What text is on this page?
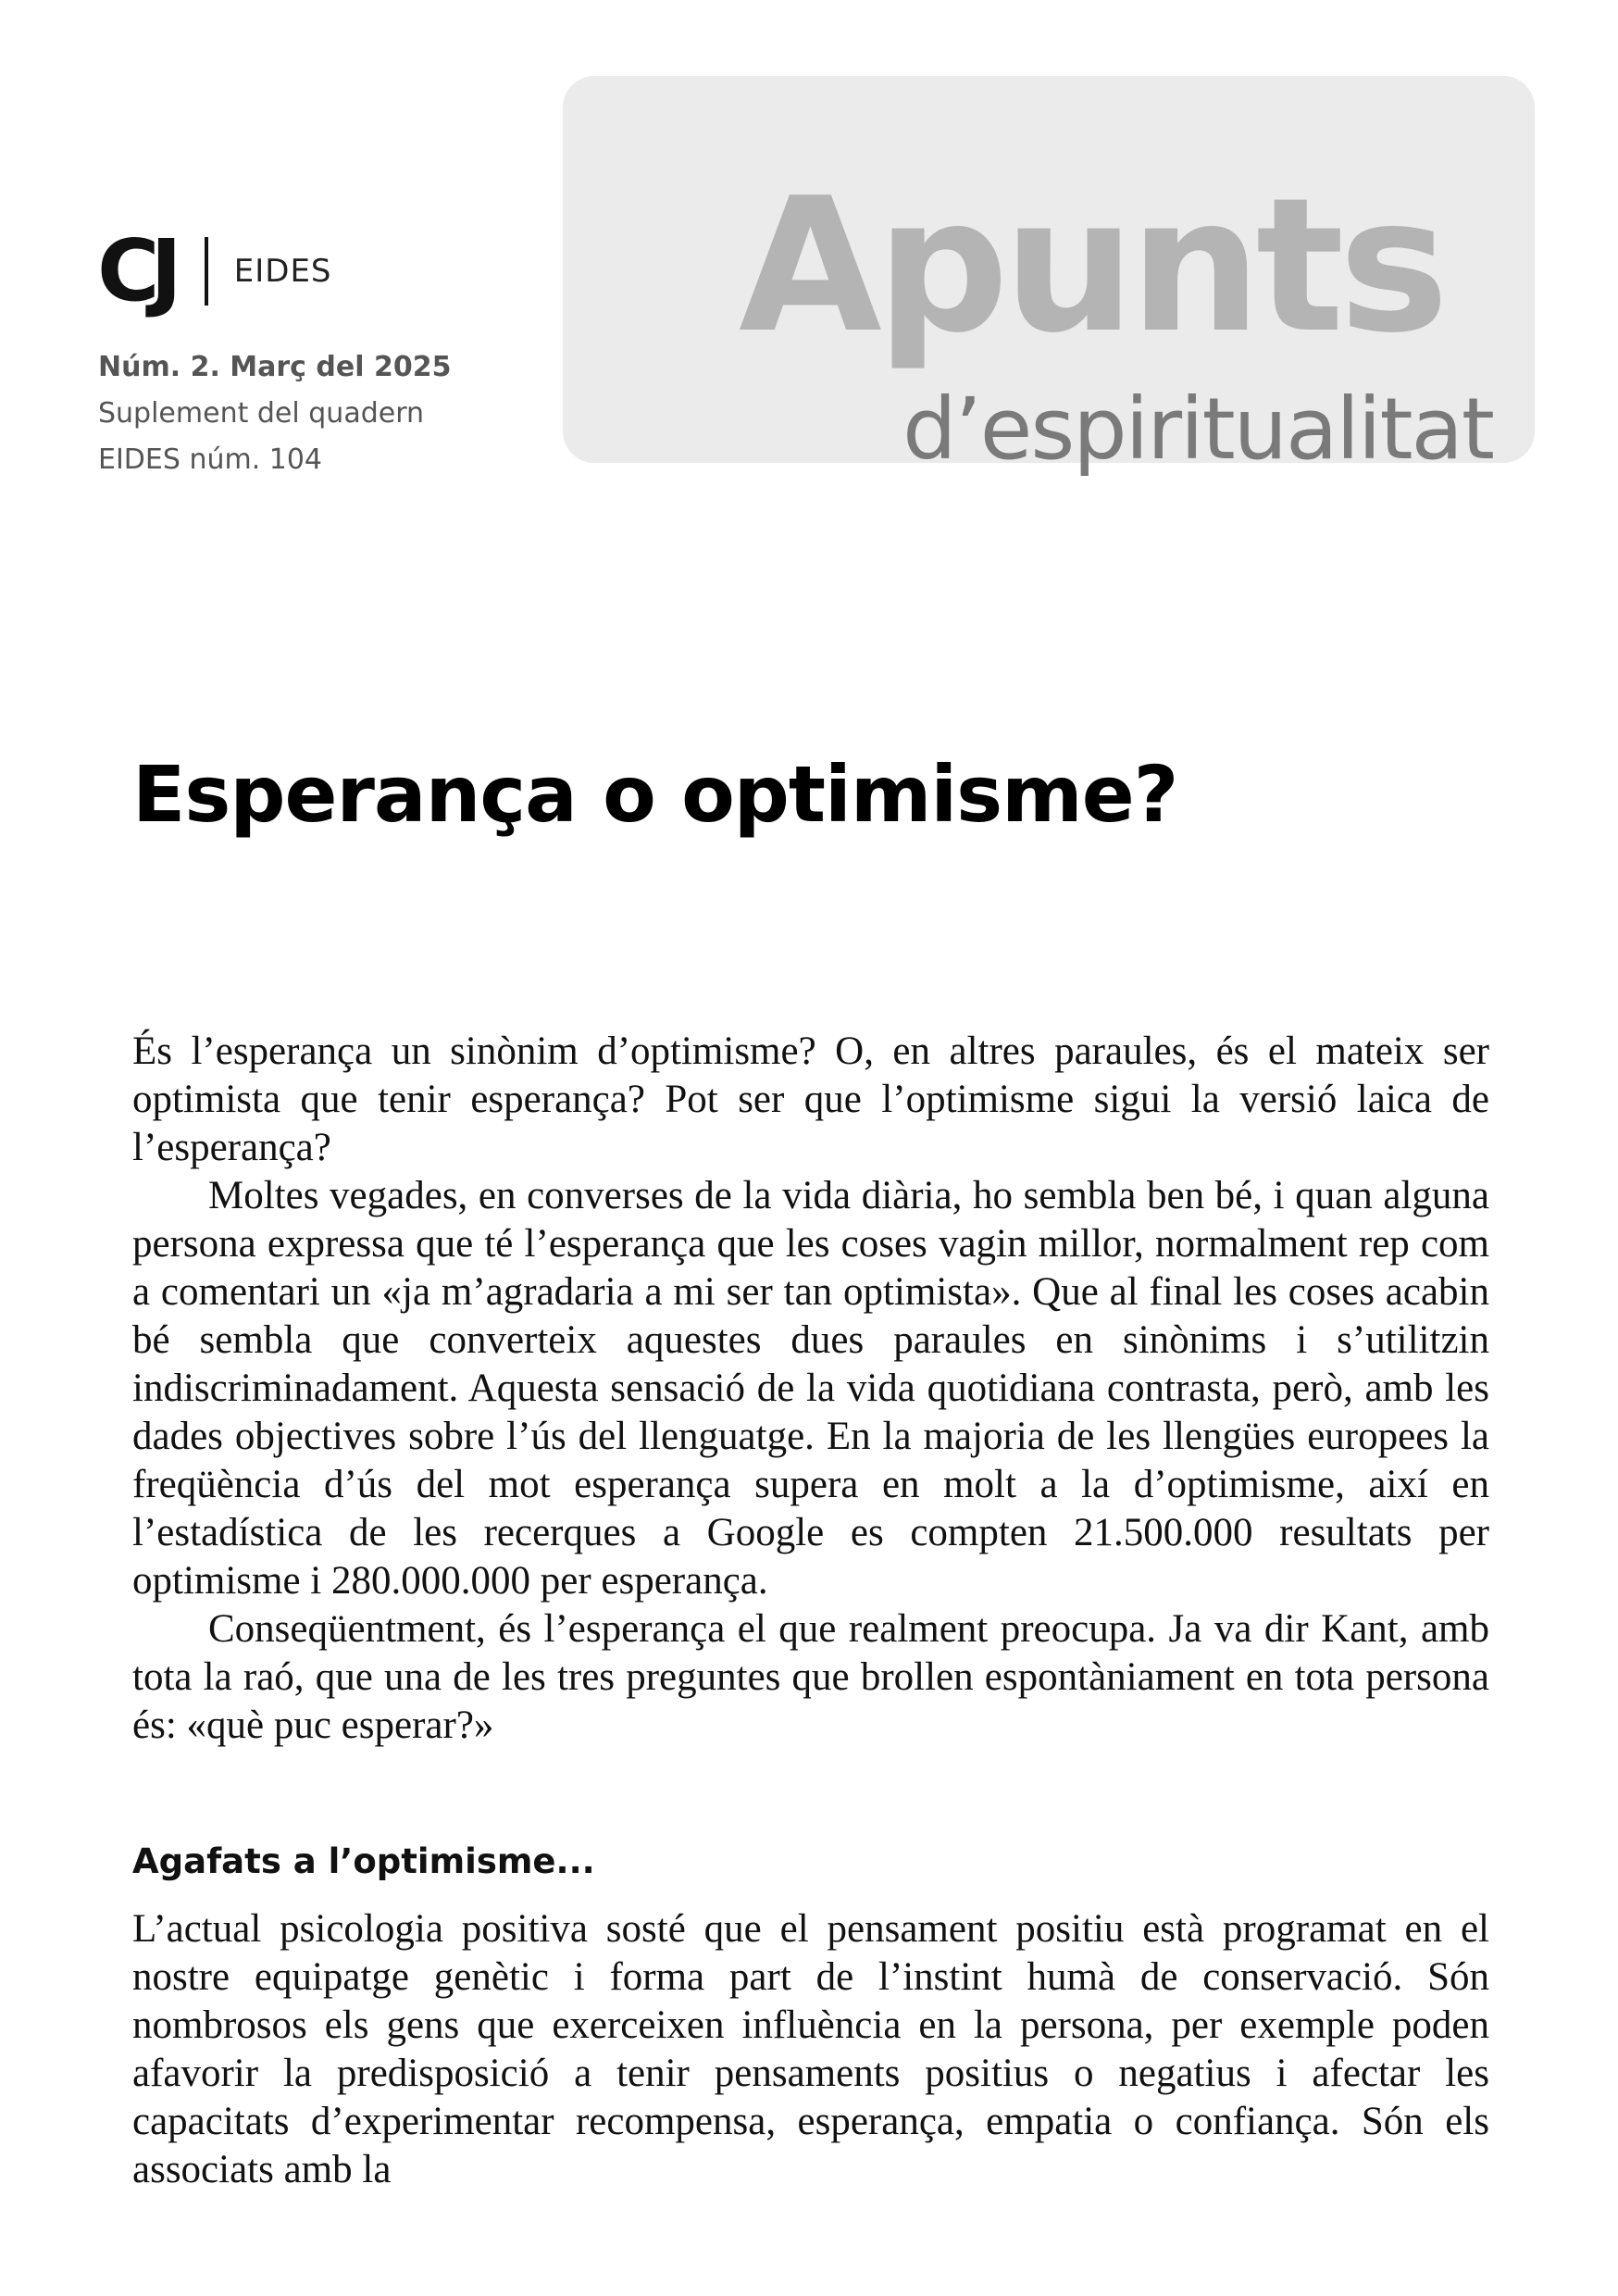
Apunts
d’espiritualitat
CJ EIDES
Núm. 2. Març del 2025
Suplement del quadern
EIDES núm. 104
Esperança o optimisme?

És l’esperança un sinònim d’optimisme? O, en altres paraules, és el mateix ser optimista que tenir esperança? Pot ser que l’optimisme sigui la versió laica de l’esperança?

Moltes vegades, en converses de la vida diària, ho sembla ben bé, i quan alguna persona expressa que té l’esperança que les coses vagin millor, normalment rep com a comentari un «ja m’agradaria a mi ser tan optimista». Que al final les coses acabin bé sembla que converteix aquestes dues paraules en sinònims i s’utilitzin indiscriminadament. Aquesta sensació de la vida quotidiana contrasta, però, amb les dades objectives sobre l’ús del llenguatge. En la majoria de les llengües europees la freqüència d’ús del mot esperança supera en molt a la d’optimisme, així en l’estadística de les recerques a Google es compten 21.500.000 resultats per optimisme i 280.000.000 per esperança.

Conseqüentment, és l’esperança el que realment preocupa. Ja va dir Kant, amb tota la raó, que una de les tres preguntes que brollen espontàniament en tota persona és: «què puc esperar?»

Agafats a l’optimisme...

L’actual psicologia positiva sosté que el pensament positiu està programat en el nostre equipatge genètic i forma part de l’instint humà de conservació. Són nombrosos els gens que exerceixen influència en la persona, per exemple poden afavorir la predisposició a tenir pensaments positius o negatius i afectar les capacitats d’experimentar recompensa, esperança, empatia o confiança. Són els associats amb la
